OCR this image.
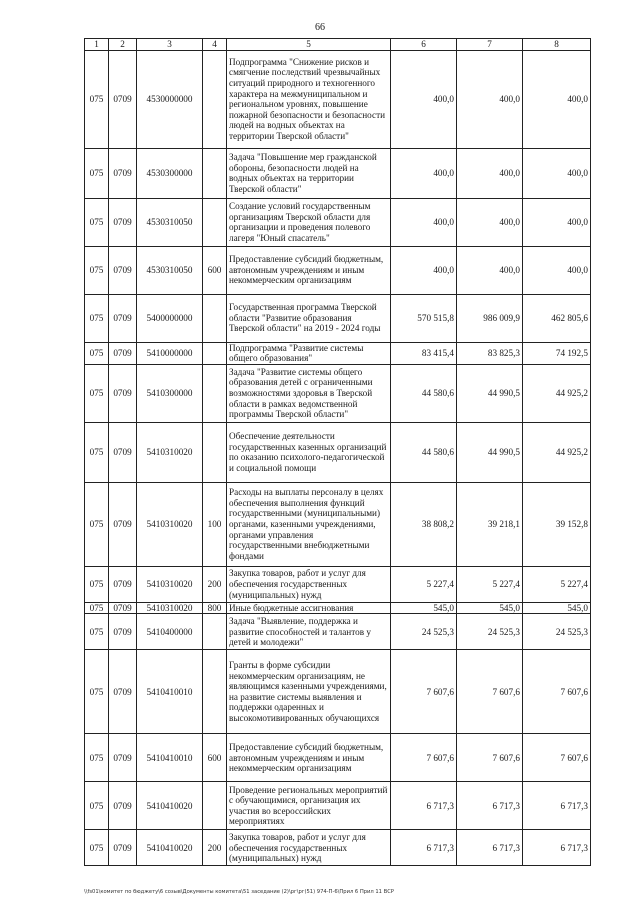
66
1	2	3	4	5	6	7	8
075	0709	4530000000		Подпрограмма "Снижение рисков и смягчение последствий чрезвычайных ситуаций природного и техногенного характера на межмуниципальном и региональном уровнях, повышение пожарной безопасности и безопасности людей на водных объектах на территории Тверской области"	400,0	400,0	400,0
075	0709	4530300000		Задача "Повышение мер гражданской обороны, безопасности людей на водных объектах на территории Тверской области"	400,0	400,0	400,0
075	0709	4530310050		Создание условий государственным организациям Тверской области для организации и проведения полевого лагеря "Юный спасатель"	400,0	400,0	400,0
075	0709	4530310050	600	Предоставление субсидий бюджетным, автономным учреждениям и иным некоммерческим организациям	400,0	400,0	400,0
075	0709	5400000000		Государственная программа Тверской области "Развитие образования Тверской области" на 2019 - 2024 годы	570 515,8	986 009,9	462 805,6
075	0709	5410000000		Подпрограмма "Развитие системы общего образования"	83 415,4	83 825,3	74 192,5
075	0709	5410300000		Задача "Развитие системы общего образования детей с ограниченными возможностями здоровья в Тверской области в рамках ведомственной программы Тверской области"	44 580,6	44 990,5	44 925,2
075	0709	5410310020		Обеспечение деятельности государственных казенных организаций по оказанию психолого-педагогической и социальной помощи	44 580,6	44 990,5	44 925,2
075	0709	5410310020	100	Расходы на выплаты персоналу в целях обеспечения выполнения функций государственными (муниципальными) органами, казенными учреждениями, органами управления государственными внебюджетными фондами	38 808,2	39 218,1	39 152,8
075	0709	5410310020	200	Закупка товаров, работ и услуг для обеспечения государственных (муниципальных) нужд	5 227,4	5 227,4	5 227,4
075	0709	5410310020	800	Иные бюджетные ассигнования	545,0	545,0	545,0
075	0709	5410400000		Задача "Выявление, поддержка и развитие способностей и талантов у детей и молодежи"	24 525,3	24 525,3	24 525,3
075	0709	5410410010		Гранты в форме субсидии некоммерческим организациям, не являющимся казенными учреждениями, на развитие системы выявления и поддержки одаренных и высокомотивированных обучающихся	7 607,6	7 607,6	7 607,6
075	0709	5410410010	600	Предоставление субсидий бюджетным, автономным учреждениям и иным некоммерческим организациям	7 607,6	7 607,6	7 607,6
075	0709	5410410020		Проведение региональных мероприятий с обучающимися, организация их участия во всероссийских мероприятиях	6 717,3	6 717,3	6 717,3
075	0709	5410410020	200	Закупка товаров, работ и услуг для обеспечения государственных (муниципальных) нужд	6 717,3	6 717,3	6 717,3
\\fs01\комитет по бюджету\6 созыв\Документы комитета\51 заседание (2)\рг\рг(51) 974-П-6\Прил 6 Прил 11 ВСР
